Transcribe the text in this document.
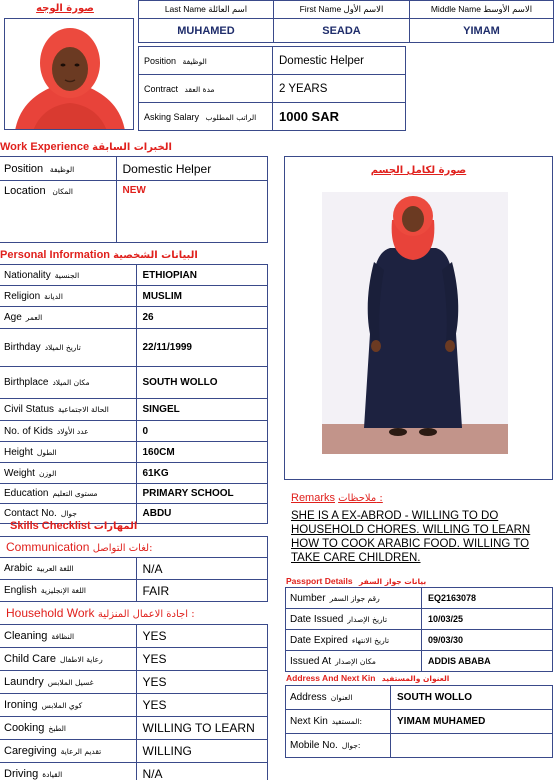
صورة الوجه	Last Name اسم العائلة	First Name الاسم الأول	Middle Name الاسم الأوسط
MUHAMED	SEADA	YIMAM
Position الوظيفة	Domestic Helper
Contract مدة العقد	2 YEARS
Asking Salary الراتب المطلوب	1000 SAR
Work Experience الخبرات السابقة
Position الوظيفة	Domestic Helper
Location المكان	NEW
صورة لكامل الجسم
Personal Information البيانات الشخصية
Nationality الجنسية	ETHIOPIAN
Religion الديانة	MUSLIM
Age العمر	26
Birthday تاريخ الميلاد	22/11/1999
Birthplace مكان الميلاد	SOUTH WOLLO
Civil Status الحالة الاجتماعية	SINGEL
No. of Kids عدد الأولاد	0
Height الطول	160CM
Weight الوزن	61KG
Education مستوى التعليم	PRIMARY SCHOOL
Contact No. جوال	ABDU
Skills Checklist المهارات
Communication لغات التواصل:
Arabic اللغة العربية	N/A
English اللغة الإنجليزية	FAIR
Household Work اجادة الاعمال المنزلية :
Cleaning النظافة	YES
Child Care رعاية الاطفال	YES
Laundry غسيل الملابس	YES
Ironing كوي الملابس	YES
Cooking الطبخ	WILLING TO LEARN
Caregiving تقديم الرعاية	WILLING
Driving القيادة	N/A
Remarks ملاحظات :
SHE IS A EX-ABROD - WILLING TO DO HOUSEHOLD CHORES. WILLING TO LEARN HOW TO COOK ARABIC FOOD. WILLING TO TAKE CARE CHILDREN.
Passport Details بيانات جواز السفر
Number رقم جواز السفر	EQ2163078
Date Issued تاريخ الإصدار	10/03/25
Date Expired تاريخ الانتهاء	09/03/30
Issued At مكان الإصدار	ADDIS ABABA
Address And Next Kin العنوان والمستفيد
Address العنوان	SOUTH WOLLO
Next Kin المستفيد:	YIMAM MUHAMED
Mobile No. جوال:	
